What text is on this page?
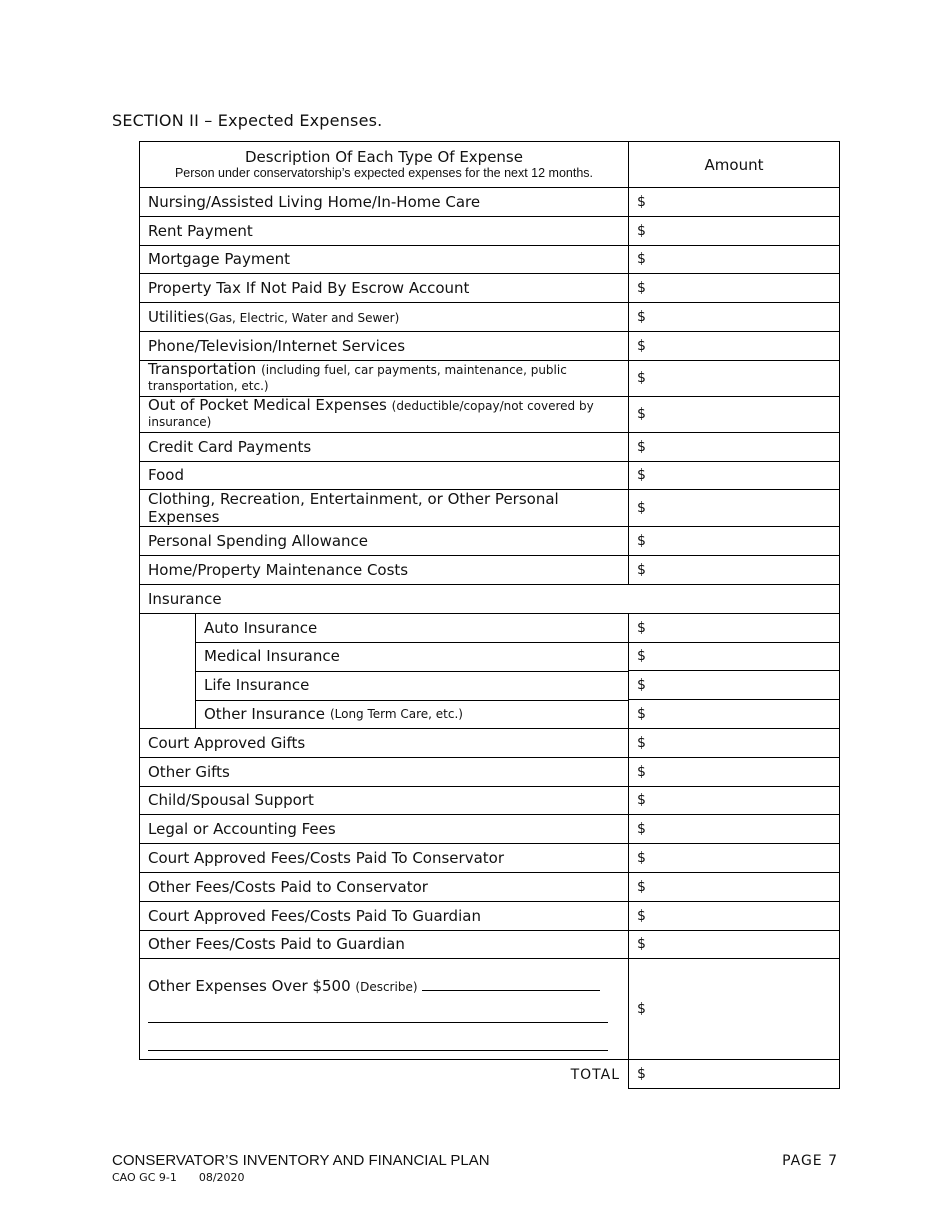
SECTION II – Expected Expenses.
Description Of Each Type Of Expense
Person under conservatorship’s expected expenses for the next 12 months.	Amount
Nursing/Assisted Living Home/In-Home Care	$
Rent Payment	$
Mortgage Payment	$
Property Tax If Not Paid By Escrow Account	$
Utilities(Gas, Electric, Water and Sewer)	$
Phone/Television/Internet Services	$
Transportation (including fuel, car payments, maintenance, public transportation, etc.)	$
Out of Pocket Medical Expenses (deductible/copay/not covered by insurance)	$
Credit Card Payments	$
Food	$
Clothing, Recreation, Entertainment, or Other Personal Expenses	$
Personal Spending Allowance	$
Home/Property Maintenance Costs	$
Insurance	

Auto Insurance	$

Medical Insurance	$

Life Insurance	$

Other Insurance (Long Term Care, etc.)	$
Court Approved Gifts	$
Other Gifts	$
Child/Spousal Support	$
Legal or Accounting Fees	$
Court Approved Fees/Costs Paid To Conservator	$
Other Fees/Costs Paid to Conservator	$
Court Approved Fees/Costs Paid To Guardian	$
Other Fees/Costs Paid to Guardian	$

Other Expenses Over $500 (Describe)	$
TOTAL	$
CONSERVATOR’S INVENTORY AND FINANCIAL PLAN
CAO GC 9-1 08/2020
PAGE 7
